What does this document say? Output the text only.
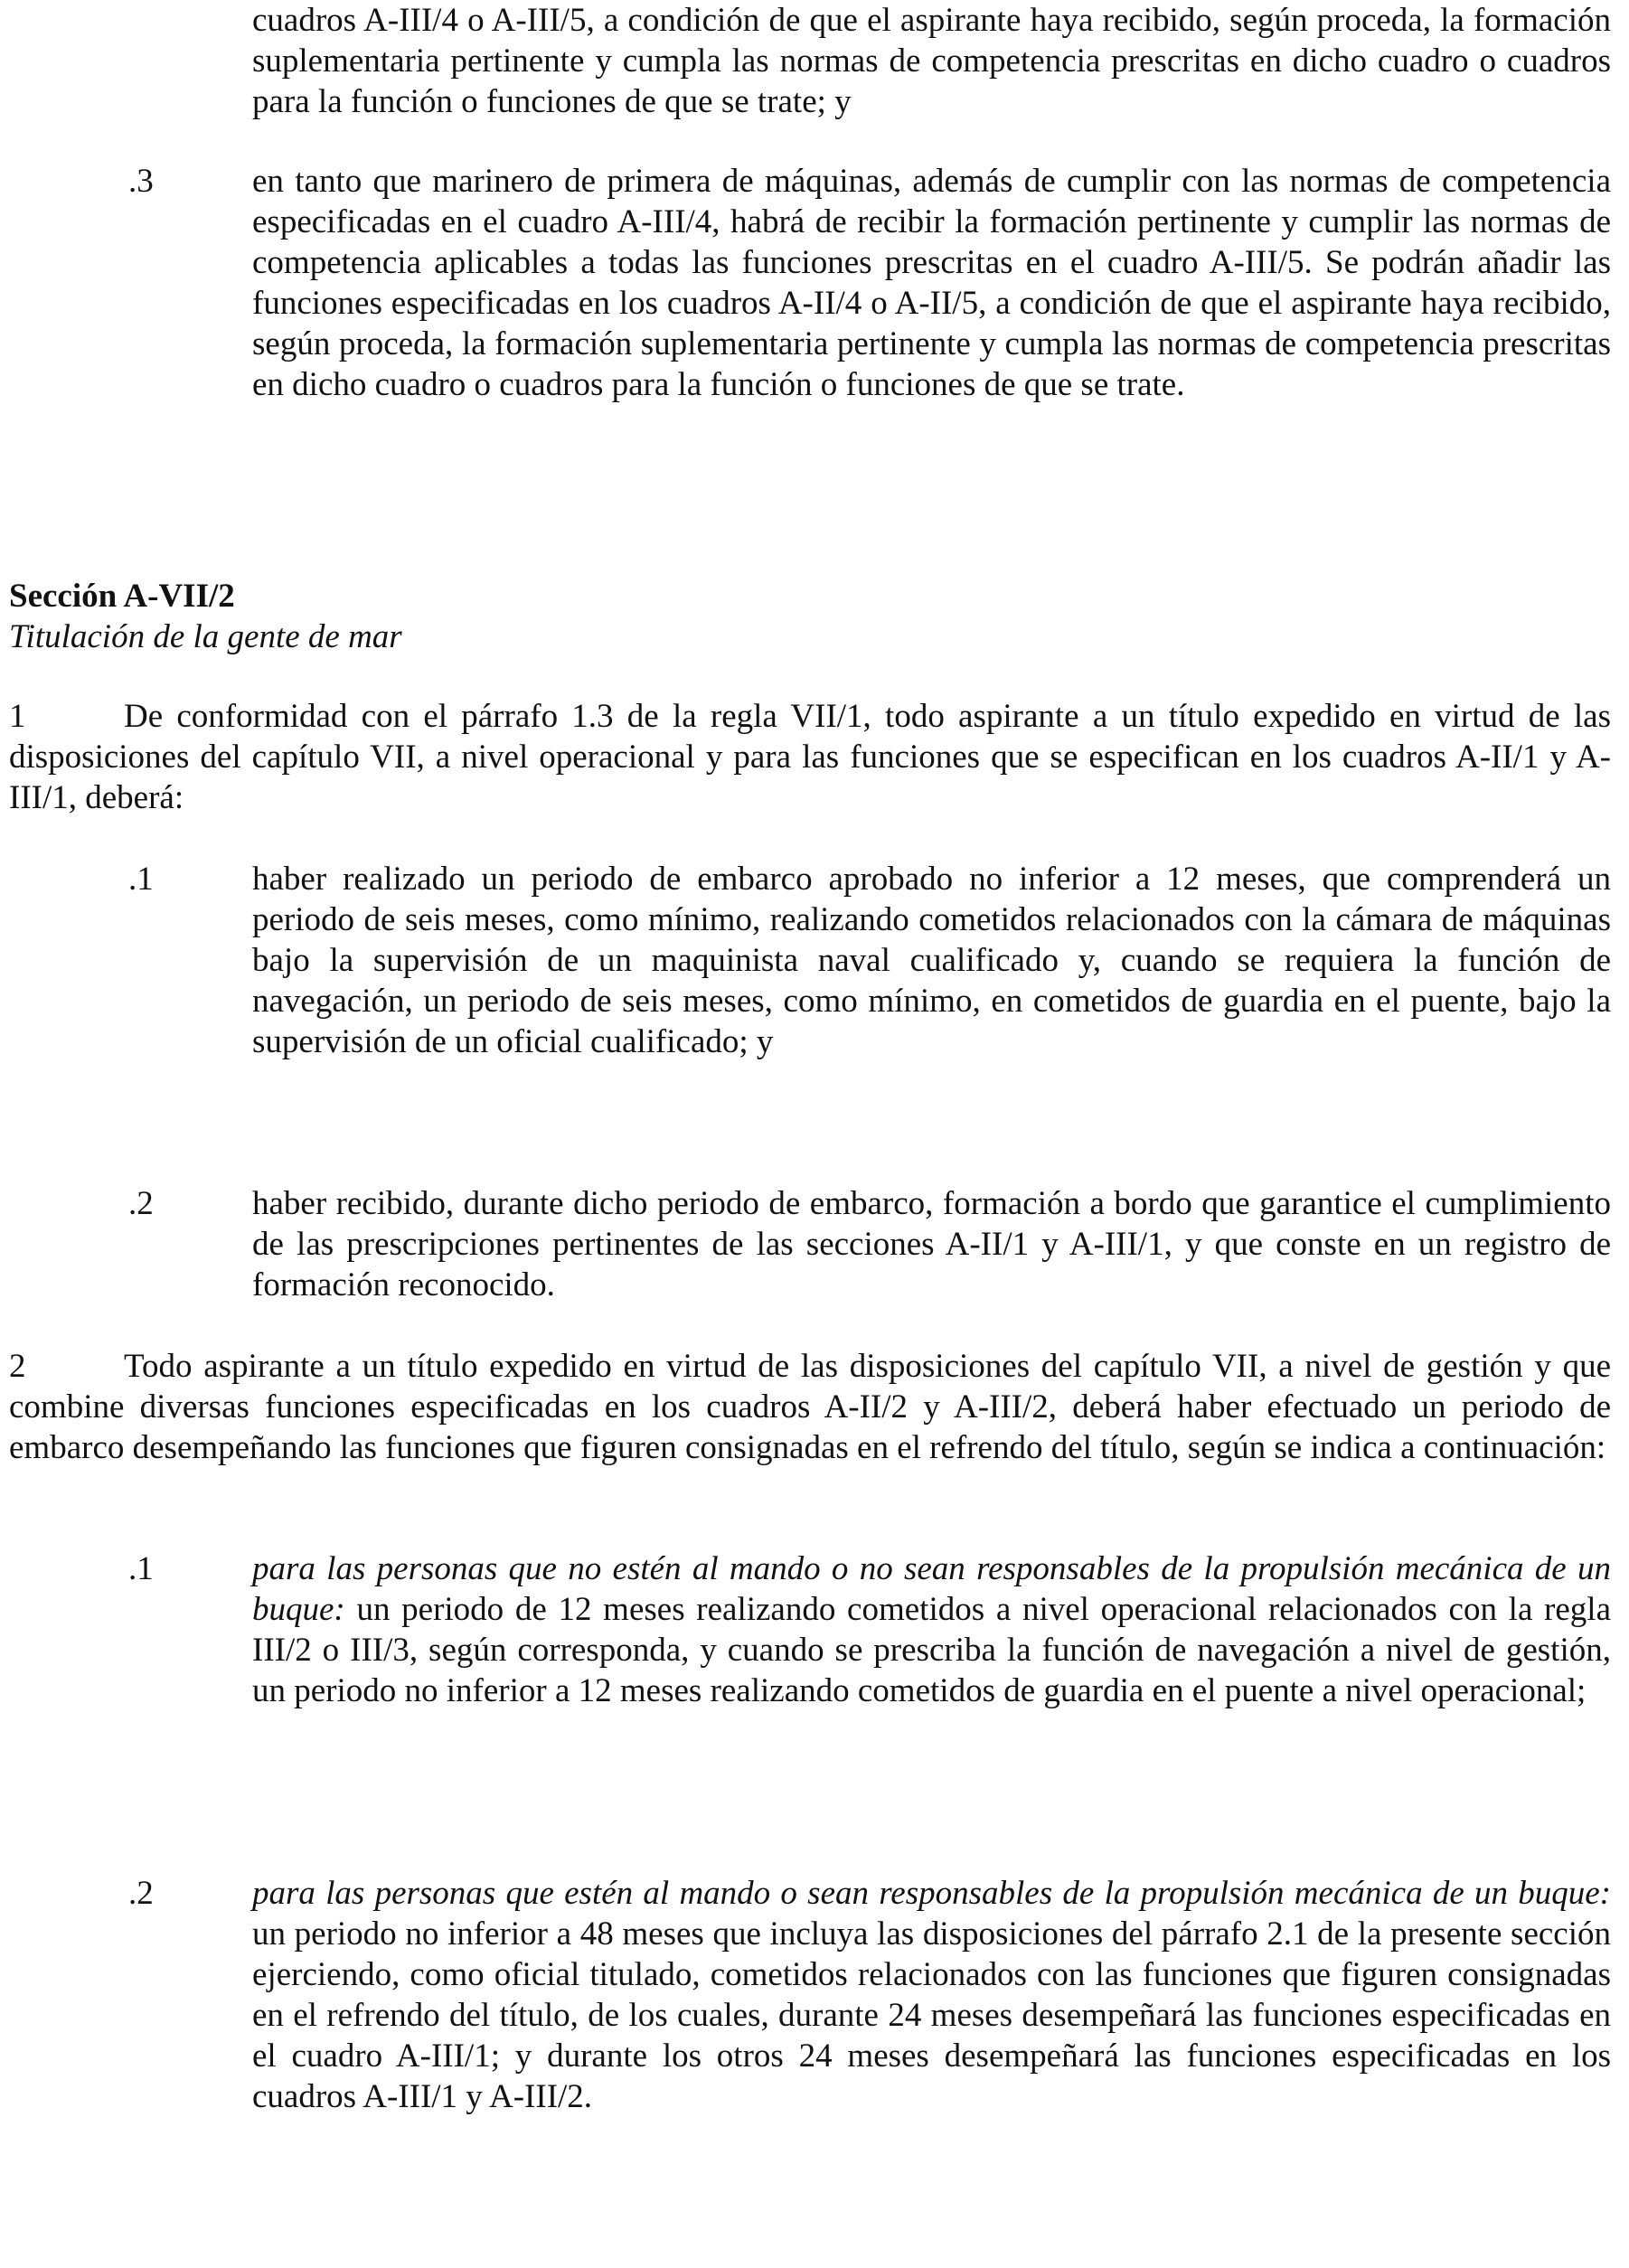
cuadros A-III/4 o A-III/5, a condición de que el aspirante haya recibido, según proceda, la formación suplementaria pertinente y cumpla las normas de competencia prescritas en dicho cuadro o cuadros para la función o funciones de que se trate; y
.3	en tanto que marinero de primera de máquinas, además de cumplir con las normas de competencia especificadas en el cuadro A-III/4, habrá de recibir la formación pertinente y cumplir las normas de competencia aplicables a todas las funciones prescritas en el cuadro A-III/5. Se podrán añadir las funciones especificadas en los cuadros A-II/4 o A-II/5, a condición de que el aspirante haya recibido, según proceda, la formación suplementaria pertinente y cumpla las normas de competencia prescritas en dicho cuadro o cuadros para la función o funciones de que se trate.
Sección A-VII/2
Titulación de la gente de mar
1	De conformidad con el párrafo 1.3 de la regla VII/1, todo aspirante a un título expedido en virtud de las disposiciones del capítulo VII, a nivel operacional y para las funciones que se especifican en los cuadros A-II/1 y A-III/1, deberá:
.1	haber realizado un periodo de embarco aprobado no inferior a 12 meses, que comprenderá un periodo de seis meses, como mínimo, realizando cometidos relacionados con la cámara de máquinas bajo la supervisión de un maquinista naval cualificado y, cuando se requiera la función de navegación, un periodo de seis meses, como mínimo, en cometidos de guardia en el puente, bajo la supervisión de un oficial cualificado; y
.2	haber recibido, durante dicho periodo de embarco, formación a bordo que garantice el cumplimiento de las prescripciones pertinentes de las secciones A-II/1 y A-III/1, y que conste en un registro de formación reconocido.
2	Todo aspirante a un título expedido en virtud de las disposiciones del capítulo VII, a nivel de gestión y que combine diversas funciones especificadas en los cuadros A-II/2 y A-III/2, deberá haber efectuado un periodo de embarco desempeñando las funciones que figuren consignadas en el refrendo del título, según se indica a continuación:
.1	para las personas que no estén al mando o no sean responsables de la propulsión mecánica de un buque: un periodo de 12 meses realizando cometidos a nivel operacional relacionados con la regla III/2 o III/3, según corresponda, y cuando se prescriba la función de navegación a nivel de gestión, un periodo no inferior a 12 meses realizando cometidos de guardia en el puente a nivel operacional;
.2	para las personas que estén al mando o sean responsables de la propulsión mecánica de un buque: un periodo no inferior a 48 meses que incluya las disposiciones del párrafo 2.1 de la presente sección ejerciendo, como oficial titulado, cometidos relacionados con las funciones que figuren consignadas en el refrendo del título, de los cuales, durante 24 meses desempeñará las funciones especificadas en el cuadro A-III/1; y durante los otros 24 meses desempeñará las funciones especificadas en los cuadros A-III/1 y A-III/2.
